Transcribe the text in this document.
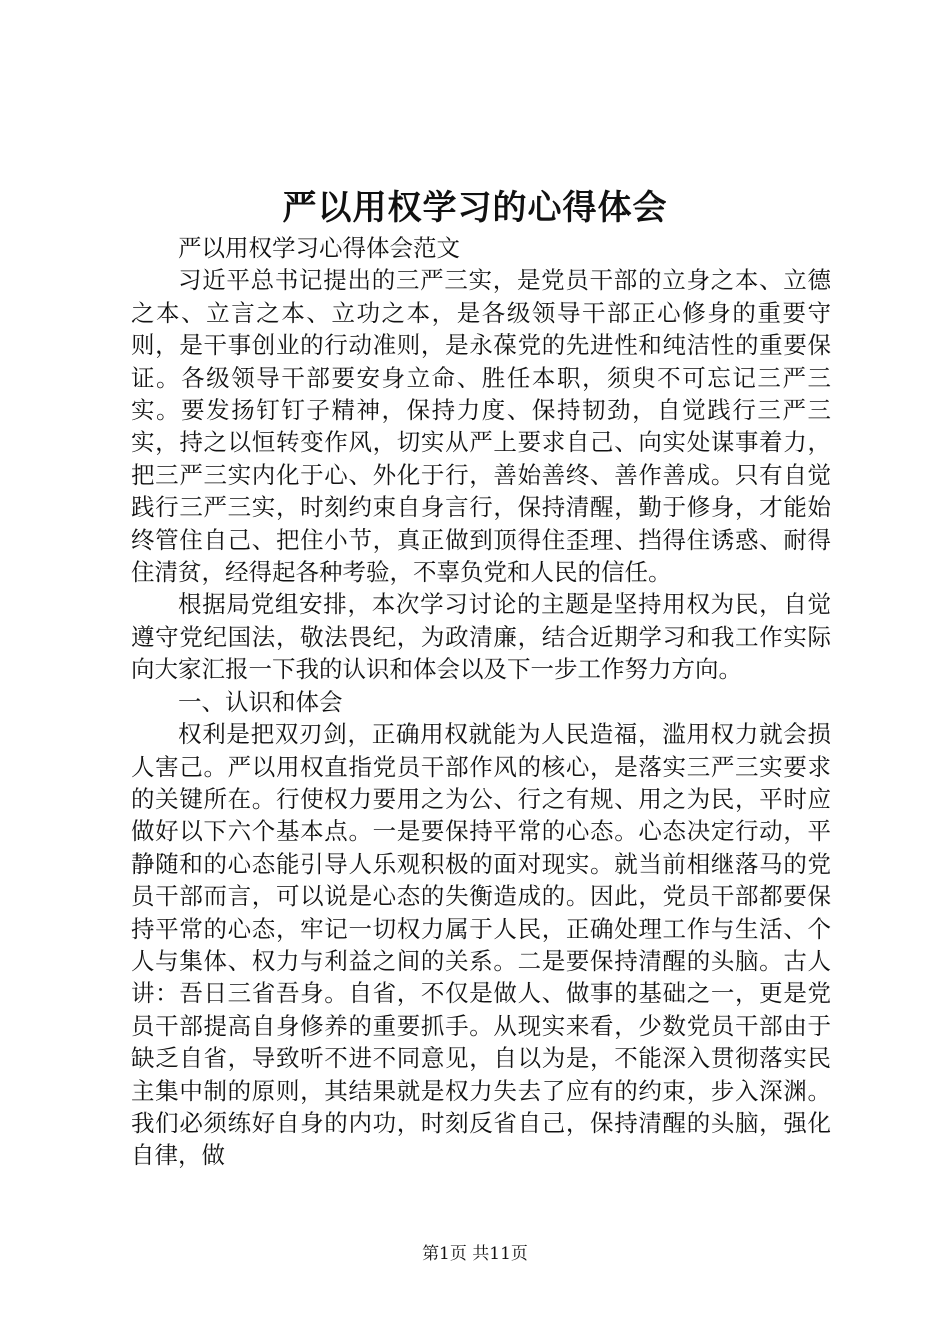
严以用权学习的心得体会

严以用权学习心得体会范文

习近平总书记提出的三严三实，是党员干部的立身之本、立德之本、立言之本、立功之本，是各级领导干部正心修身的重要守则，是干事创业的行动准则，是永葆党的先进性和纯洁性的重要保证。各级领导干部要安身立命、胜任本职，须臾不可忘记三严三实。要发扬钉钉子精神，保持力度、保持韧劲，自觉践行三严三实，持之以恒转变作风，切实从严上要求自己、向实处谋事着力，把三严三实内化于心、外化于行，善始善终、善作善成。只有自觉践行三严三实，时刻约束自身言行，保持清醒，勤于修身，才能始终管住自己、把住小节，真正做到顶得住歪理、挡得住诱惑、耐得住清贫，经得起各种考验，不辜负党和人民的信任。

根据局党组安排，本次学习讨论的主题是坚持用权为民，自觉遵守党纪国法，敬法畏纪，为政清廉，结合近期学习和我工作实际向大家汇报一下我的认识和体会以及下一步工作努力方向。

一、认识和体会

权利是把双刃剑，正确用权就能为人民造福，滥用权力就会损人害己。严以用权直指党员干部作风的核心，是落实三严三实要求的关键所在。行使权力要用之为公、行之有规、用之为民，平时应做好以下六个基本点。一是要保持平常的心态。心态决定行动，平静随和的心态能引导人乐观积极的面对现实。就当前相继落马的党员干部而言，可以说是心态的失衡造成的。因此，党员干部都要保持平常的心态，牢记一切权力属于人民，正确处理工作与生活、个人与集体、权力与利益之间的关系。二是要保持清醒的头脑。古人讲：吾日三省吾身。自省，不仅是做人、做事的基础之一，更是党员干部提高自身修养的重要抓手。从现实来看，少数党员干部由于缺乏自省，导致听不进不同意见，自以为是，不能深入贯彻落实民主集中制的原则，其结果就是权力失去了应有的约束，步入深渊。我们必须练好自身的内功，时刻反省自己，保持清醒的头脑，强化自律，做

第1页 共11页
